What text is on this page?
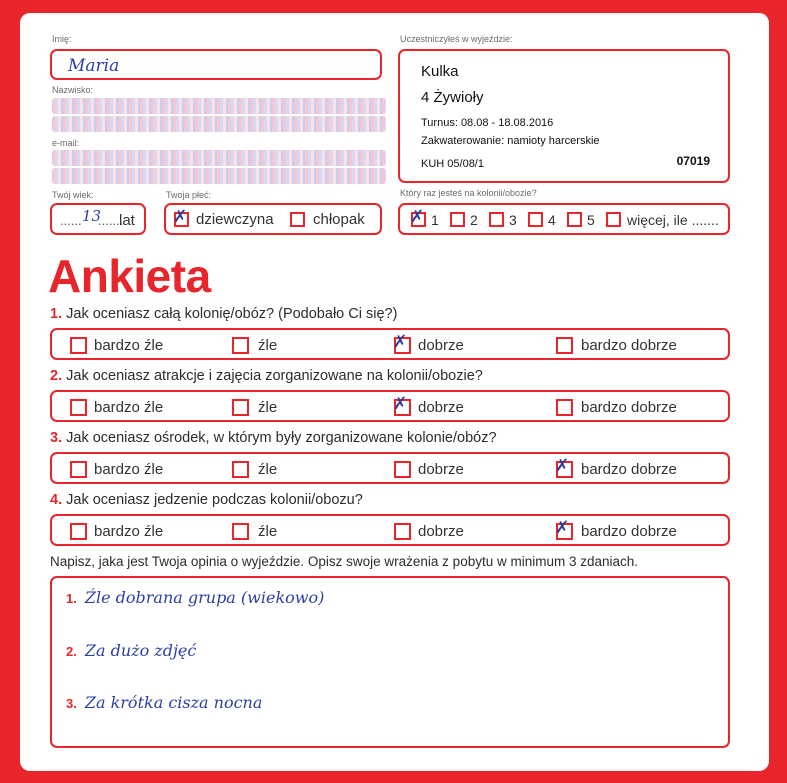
Imię:
Maria
Nazwisko:
e-mail:
Twój wiek:
...... 13
.......
lat
Twoja płeć:
✗ dziewczyna	chłopak
Uczestniczyłeś w wyjeździe:
Kulka
4 Żywioły
Turnus: 08.08 - 18.08.2016
Zakwaterowanie: namioty harcerskie
KUH 05/08/1	07019
Który raz jesteś na kolonii/obozie?
✗ 1 2 3 4 5 więcej, ile .......
Ankieta
1. Jak oceniasz całą kolonię/obóz? (Podobało Ci się?)
bardzo źle	źle	✗ dobrze	bardzo dobrze
2. Jak oceniasz atrakcje i zajęcia zorganizowane na kolonii/obozie?
bardzo źle	źle	✗ dobrze	bardzo dobrze
3. Jak oceniasz ośrodek, w którym były zorganizowane kolonie/obóz?
bardzo źle	źle	dobrze	✗ bardzo dobrze
4. Jak oceniasz jedzenie podczas kolonii/obozu?
bardzo źle	źle	dobrze	✗ bardzo dobrze
Napisz, jaka jest Twoja opinia o wyjeździe. Opisz swoje wrażenia z pobytu w minimum 3 zdaniach.
1. Źle dobrana grupa (wiekowo)
2. Za dużo zdjęć
3. Za krótka cisza nocna
